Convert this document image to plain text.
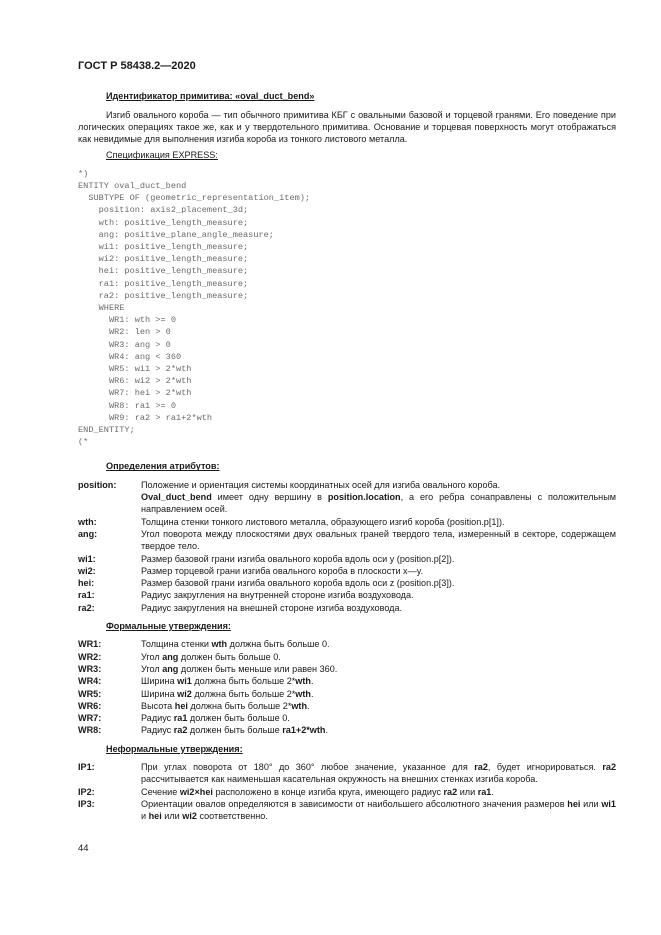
ГОСТ Р 58438.2—2020
Идентификатор примитива: «oval_duct_bend»
Изгиб овального короба — тип обычного примитива КБГ с овальными базовой и торцевой гранями. Его поведение при логических операциях такое же, как и у твердотельного примитива. Основание и торцевая поверхность могут отображаться как невидимые для выполнения изгиба короба из тонкого листового металла.
Спецификация EXPRESS:
*)
ENTITY oval_duct_bend
SUBTYPE OF (geometric_representation_item);
position: axis2_placement_3d;
wth: positive_length_measure;
ang: positive_plane_angle_measure;
wi1: positive_length_measure;
wi2: positive_length_measure;
hei: positive_length_measure;
ra1: positive_length_measure;
ra2: positive_length_measure;
WHERE
WR1: wth >= 0
WR2: len > 0
WR3: ang > 0
WR4: ang < 360
WR5: wi1 > 2*wth
WR6: wi2 > 2*wth
WR7: hei > 2*wth
WR8: ra1 >= 0
WR9: ra2 > ra1+2*wth
END_ENTITY;
(*
Определения атрибутов:
position:	Положение и ориентация системы координатных осей для изгиба овального короба.
Oval_duct_bend имеет одну вершину в position.location, а его ребра сонаправлены с положительным направлением осей.
wth:	Толщина стенки тонкого листового металла, образующего изгиб короба (position.p[1]).
ang:	Угол поворота между плоскостями двух овальных граней твердого тела, измеренный в секторе, содержащем твердое тело.
wi1:	Размер базовой грани изгиба овального короба вдоль оси y (position.p[2]).
wi2:	Размер торцевой грани изгиба овального короба в плоскости x—y.
hei:	Размер базовой грани изгиба овального короба вдоль оси z (position.p[3]).
ra1:	Радиус закругления на внутренней стороне изгиба воздуховода.
ra2:	Радиус закругления на внешней стороне изгиба воздуховода.
Формальные утверждения:
WR1:	Толщина стенки wth должна быть больше 0.
WR2:	Угол ang должен быть больше 0.
WR3:	Угол ang должен быть меньше или равен 360.
WR4:	Ширина wi1 должна быть больше 2*wth.
WR5:	Ширина wi2 должна быть больше 2*wth.
WR6:	Высота hei должна быть больше 2*wth.
WR7:	Радиус ra1 должен быть больше 0.
WR8:	Радиус ra2 должен быть больше ra1+2*wth.
Неформальные утверждения:
IP1:	При углах поворота от 180° до 360° любое значение, указанное для ra2, будет игнорироваться. ra2 рассчитывается как наименьшая касательная окружность на внешних стенках изгиба короба.
IP2:	Сечение wi2×hei расположено в конце изгиба круга, имеющего радиус ra2 или ra1.
IP3:	Ориентации овалов определяются в зависимости от наибольшего абсолютного значения размеров hei или wi1 и hei или wi2 соответственно.
44
